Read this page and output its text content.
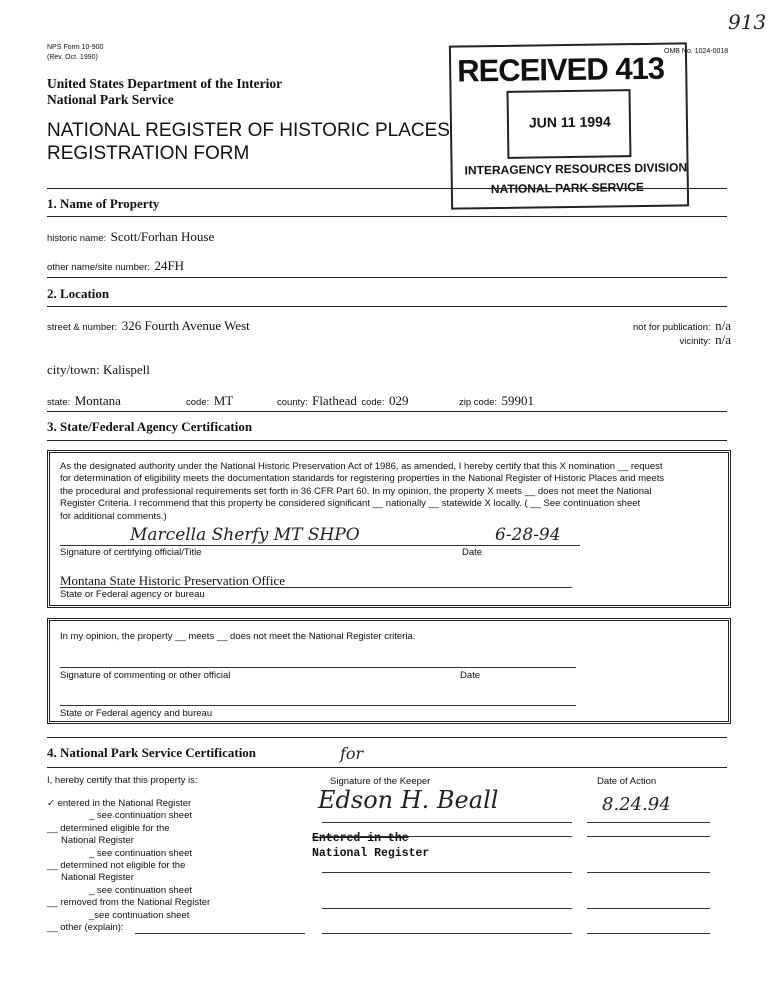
913
NPS Form 10-900
(Rev. Oct. 1990)
OMB No. 1024-0018
United States Department of the Interior
National Park Service
NATIONAL REGISTER OF HISTORIC PLACES
REGISTRATION FORM
RECEIVED 413
JUN 11 1994
INTERAGENCY RESOURCES DIVISION
NATIONAL PARK SERVICE
1. Name of Property
historic name: Scott/Forhan House
other name/site number: 24FH
2. Location
street & number: 326 Fourth Avenue West	not for publication: n/a
vicinity: n/a
city/town: Kalispell
state: Montana	code: MT	county: Flathead code: 029	zip code: 59901
3. State/Federal Agency Certification
As the designated authority under the National Historic Preservation Act of 1986, as amended, I hereby certify that this X nomination __ request
for determination of eligibility meets the documentation standards for registering properties in the National Register of Historic Places and meets
the procedural and professional requirements set forth in 36 CFR Part 60. In my opinion, the property X meets __ does not meet the National
Register Criteria. I recommend that this property be considered significant __ nationally __ statewide X locally. ( __ See continuation sheet
for additional comments.)
Marcella Sherfy MT SHPO	6-28-94
Signature of certifying official/Title	Date
Montana State Historic Preservation Office
State or Federal agency or bureau
In my opinion, the property __ meets __ does not meet the National Register criteria.
Signature of commenting or other official	Date
State or Federal agency and bureau
4. National Park Service Certification
I, hereby certify that this property is:
✓ entered in the National Register
_ see continuation sheet
__ determined eligible for the
National Register
_ see continuation sheet
__ determined not eligible for the
National Register
_ see continuation sheet
__ removed from the National Register
_see continuation sheet
__ other (explain):
for
Signature of the Keeper	Date of Action
Edson H. Beall	8.24.94
Entered in the
National Register
